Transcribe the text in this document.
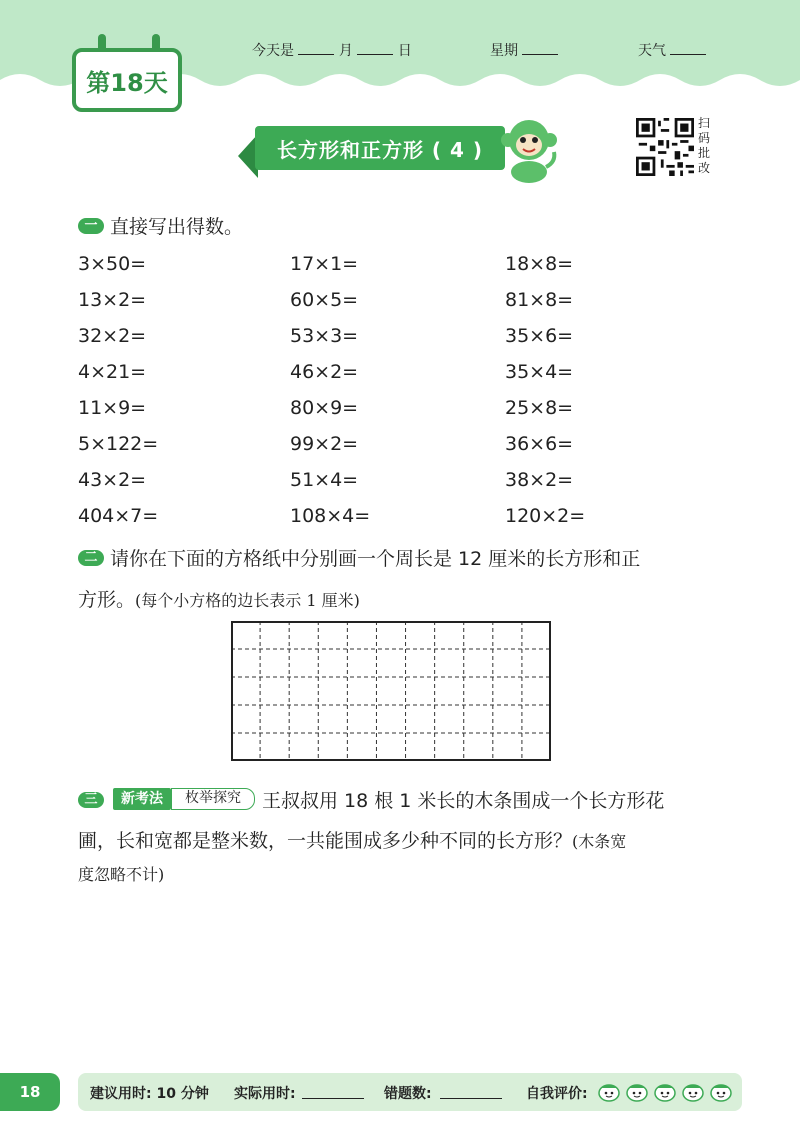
第18天
今天是	月	日	星期	天气
长方形和正方形 ( 4 )
扫码批改
一 直接写出得数。
3×50=	17×1=	18×8=
13×2=	60×5=	81×8=
32×2=	53×3=	35×6=
4×21=	46×2=	35×4=
11×9=	80×9=	25×8=
5×122=	99×2=	36×6=
43×2=	51×4=	38×2=
404×7=	108×4=	120×2=
二 请你在下面的方格纸中分别画一个周长是 12 厘米的长方形和正
方形。(每个小方格的边长表示 1 厘米)
三	新考法	枚举探究	王叔叔用 18 根 1 米长的木条围成一个长方形花
圃，长和宽都是整米数，一共能围成多少种不同的长方形？(木条宽
度忽略不计)
18	建议用时: 10 分钟 实际用时:	错题数:	自我评价:
